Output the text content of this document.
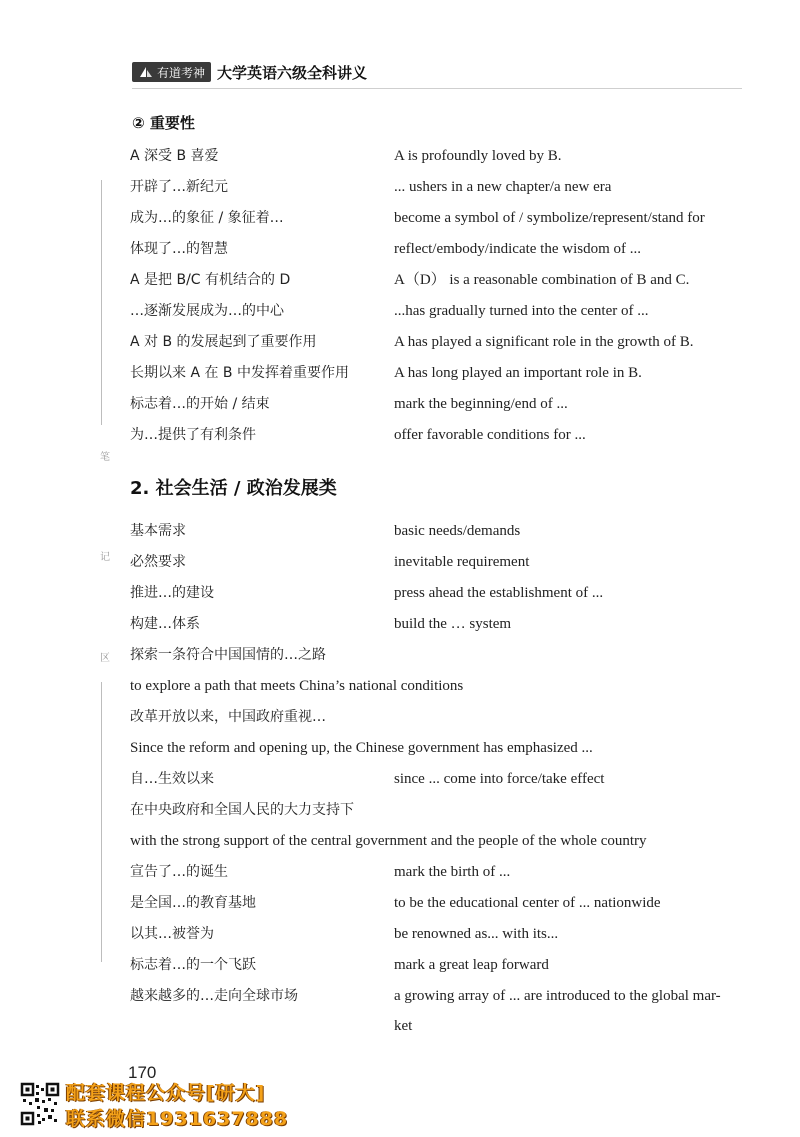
有道考神 大学英语六级全科讲义
笔
记
区
② 重要性
A 深受 B 喜爱	A is profoundly loved by B.
开辟了…新纪元	... ushers in a new chapter/a new era
成为…的象征 / 象征着…	become a symbol of / symbolize/represent/stand for
体现了…的智慧	reflect/embody/indicate the wisdom of ...
A 是把 B/C 有机结合的 D	A（D） is a reasonable combination of B and C.
…逐渐发展成为…的中心	...has gradually turned into the center of ...
A 对 B 的发展起到了重要作用	A has played a significant role in the growth of B.
长期以来 A 在 B 中发挥着重要作用	A has long played an important role in B.
标志着…的开始 / 结束	mark the beginning/end of ...
为…提供了有利条件	offer favorable conditions for ...
2. 社会生活 / 政治发展类
基本需求	basic needs/demands
必然要求	inevitable requirement
推进…的建设	press ahead the establishment of ...
构建…体系	build the … system
探索一条符合中国国情的…之路
to explore a path that meets China’s national conditions
改革开放以来，中国政府重视…
Since the reform and opening up, the Chinese government has emphasized ...
自…生效以来	since ... come into force/take effect
在中央政府和全国人民的大力支持下
with the strong support of the central government and the people of the whole country
宣告了…的诞生	mark the birth of ...
是全国…的教育基地	to be the educational center of ... nationwide
以其…被誉为	be renowned as... with its...
标志着…的一个飞跃	mark a great leap forward
越来越多的…走向全球市场	a growing array of ... are introduced to the global mar-
ket
170
配套课程公众号[研大]
联系微信1931637888
